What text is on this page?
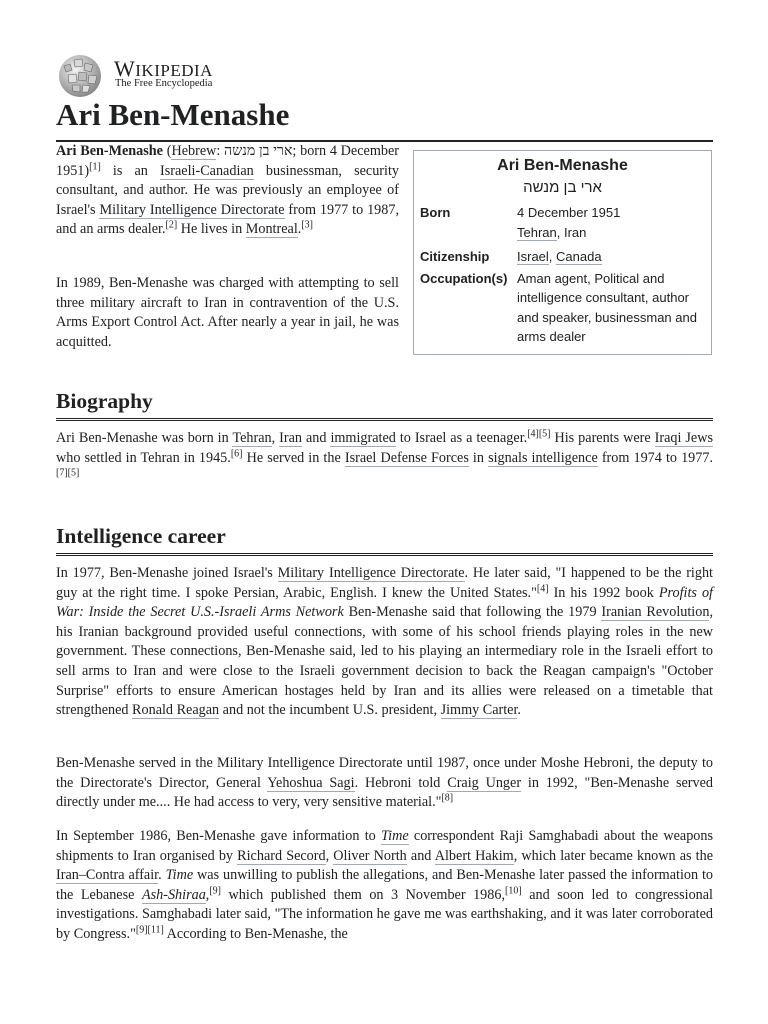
WIKIPEDIA
The Free Encyclopedia
Ari Ben-Menashe

Ari Ben-Menashe (Hebrew: ארי בן מנשה; born 4 December 1951)[1] is an Israeli-Canadian businessman, security consultant, and author. He was previously an employee of Israel's Military Intelligence Directorate from 1977 to 1987, and an arms dealer.[2] He lives in Montreal.[3]

In 1989, Ben-Menashe was charged with attempting to sell three military aircraft to Iran in contravention of the U.S. Arms Export Control Act. After nearly a year in jail, he was acquitted.

Ari Ben-Menashe
ארי בן מנשה
Born	4 December 1951
Tehran, Iran
Citizenship	Israel, Canada
Occupation(s) Aman agent, Political and intelligence consultant, author and speaker, businessman and arms dealer
Biography

Ari Ben-Menashe was born in Tehran, Iran and immigrated to Israel as a teenager.[4][5] His parents were Iraqi Jews who settled in Tehran in 1945.[6] He served in the Israel Defense Forces in signals intelligence from 1974 to 1977.[7][5]

Intelligence career

In 1977, Ben-Menashe joined Israel's Military Intelligence Directorate. He later said, "I happened to be the right guy at the right time. I spoke Persian, Arabic, English. I knew the United States."[4] In his 1992 book Profits of War: Inside the Secret U.S.-Israeli Arms Network Ben-Menashe said that following the 1979 Iranian Revolution, his Iranian background provided useful connections, with some of his school friends playing roles in the new government. These connections, Ben-Menashe said, led to his playing an intermediary role in the Israeli effort to sell arms to Iran and were close to the Israeli government decision to back the Reagan campaign's "October Surprise" efforts to ensure American hostages held by Iran and its allies were released on a timetable that strengthened Ronald Reagan and not the incumbent U.S. president, Jimmy Carter.

Ben-Menashe served in the Military Intelligence Directorate until 1987, once under Moshe Hebroni, the deputy to the Directorate's Director, General Yehoshua Sagi. Hebroni told Craig Unger in 1992, "Ben-Menashe served directly under me.... He had access to very, very sensitive material."[8]

In September 1986, Ben-Menashe gave information to Time correspondent Raji Samghabadi about the weapons shipments to Iran organised by Richard Secord, Oliver North and Albert Hakim, which later became known as the Iran–Contra affair. Time was unwilling to publish the allegations, and Ben-Menashe later passed the information to the Lebanese Ash-Shiraa,[9] which published them on 3 November 1986,[10] and soon led to congressional investigations. Samghabadi later said, "The information he gave me was earthshaking, and it was later corroborated by Congress."[9][11] According to Ben-Menashe, the
